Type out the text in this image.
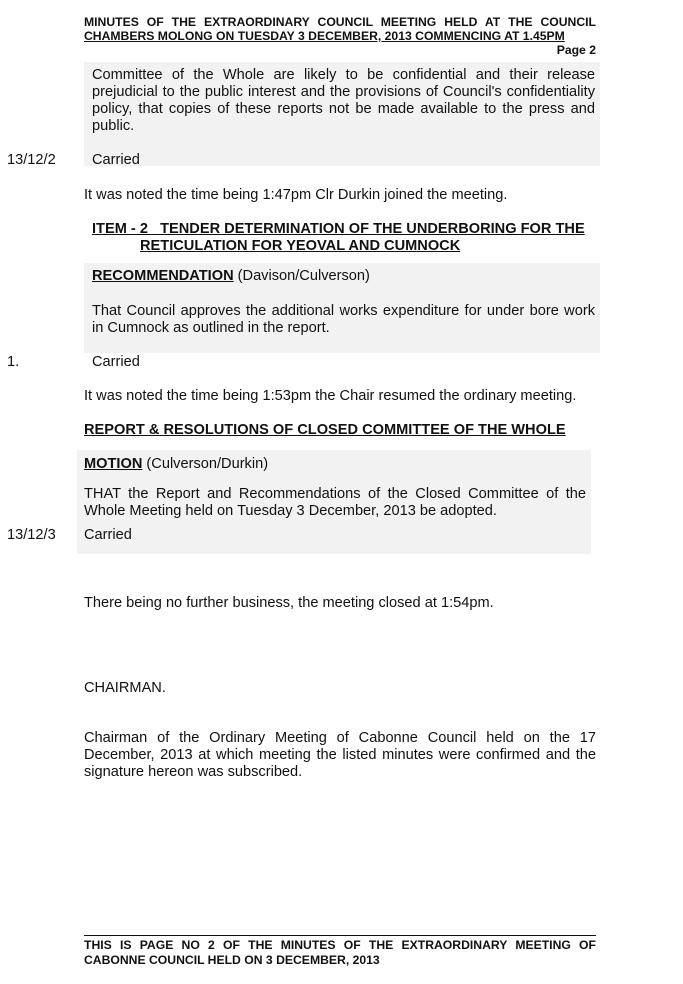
MINUTES OF THE EXTRAORDINARY COUNCIL MEETING HELD AT THE COUNCIL
CHAMBERS MOLONG ON TUESDAY 3 DECEMBER, 2013 COMMENCING AT 1.45PM
Page 2
Committee of the Whole are likely to be confidential and their release
prejudicial to the public interest and the provisions of Council's confidentiality
policy, that copies of these reports not be made available to the press and
public.
13/12/2 Carried
It was noted the time being 1:47pm Clr Durkin joined the meeting.
ITEM - 2   TENDER DETERMINATION OF THE UNDERBORING FOR THE
RETICULATION FOR YEOVAL AND CUMNOCK
RECOMMENDATION (Davison/Culverson)
That Council approves the additional works expenditure for under bore work
in Cumnock as outlined in the report.
1.	Carried
It was noted the time being 1:53pm the Chair resumed the ordinary meeting.
REPORT & RESOLUTIONS OF CLOSED COMMITTEE OF THE WHOLE
MOTION (Culverson/Durkin)
THAT the Report and Recommendations of the Closed Committee of the
Whole Meeting held on Tuesday 3 December, 2013 be adopted.
13/12/3 Carried
There being no further business, the meeting closed at 1:54pm.
CHAIRMAN.
Chairman of the Ordinary Meeting of Cabonne Council held on the 17
December, 2013 at which meeting the listed minutes were confirmed and the
signature hereon was subscribed.
THIS IS PAGE NO 2 OF THE MINUTES OF THE EXTRAORDINARY MEETING OF
CABONNE COUNCIL HELD ON 3 DECEMBER, 2013
